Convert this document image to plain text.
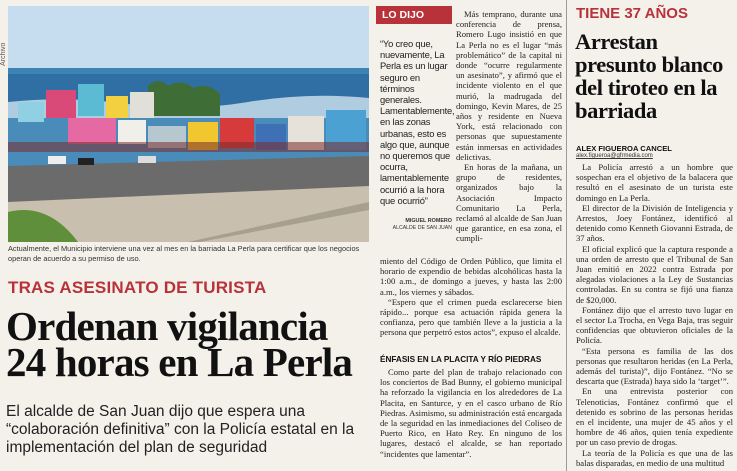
Archivo
Actualmente, el Municipio interviene una vez al mes en la barriada La Perla para certificar que los negocios operan de acuerdo a su permiso de uso.
TRAS ASESINATO DE TURISTA
Ordenan vigilancia
24 horas en La Perla
El alcalde de San Juan dijo que espera una “colaboración definitiva” con la Policía estatal en la implementación del plan de seguridad
LO DIJO
“Yo creo que, nuevamente, La Perla es un lugar seguro en términos generales. Lamentablemente, en las zonas urbanas, esto es algo que, aunque no queremos que ocurra, lamentablemente ocurrió a la hora que ocurrió”
MIGUEL ROMERO
ALCALDE DE SAN JUAN

Más temprano, durante una conferencia de prensa, Romero Lugo insistió en que La Perla no es el lugar “más problemático” de la capital ni donde “ocurre regularmente un asesinato”, y afirmó que el incidente violento en el que murió, la madrugada del domingo, Kevin Mares, de 25 años y residente en Nueva York, está relacionado con personas que supuestamente están inmersas en actividades delictivas.

En horas de la mañana, un grupo de residentes, organizados bajo la Asociación Impacto Comunitario La Perla, reclamó al alcalde de San Juan que garantice, en esa zona, el cumpli-

miento del Código de Orden Público, que limita el horario de expendio de bebidas alcohólicas hasta la 1:00 a.m., de domingo a jueves, y hasta las 2:00 a.m., los viernes y sábados.

“Espero que el crimen pueda esclarecerse bien rápido... porque esa actuación rápida genera la confianza, pero que también lleve a la justicia a la persona que perpetró estos actos”, expuso el alcalde.

ÉNFASIS EN LA PLACITA Y RÍO PIEDRAS

Como parte del plan de trabajo relacionado con los conciertos de Bad Bunny, el gobierno municipal ha reforzado la vigilancia en los alrededores de La Placita, en Santurce, y en el casco urbano de Río Piedras. Asimismo, su administración está encargada de la seguridad en las inmediaciones del Coliseo de Puerto Rico, en Hato Rey. En ninguno de los lugares, destacó el alcalde, se han reportado “incidentes que lamentar”.

TIENE 37 AÑOS
Arrestan presunto blanco del tiroteo en la barriada
ALEX FIGUEROA CANCEL
alex.figueroa@gfrmedia.com

La Policía arrestó a un hombre que sospechan era el objetivo de la balacera que resultó en el asesinato de un turista este domingo en La Perla.

El director de la División de Inteligencia y Arrestos, Joey Fontánez, identificó al detenido como Kenneth Giovanni Estrada, de 37 años.

El oficial explicó que la captura responde a una orden de arresto que el Tribunal de San Juan emitió en 2022 contra Estrada por alegadas violaciones a la Ley de Sustancias controladas. En su contra se fijó una fianza de $20,000.

Fontánez dijo que el arresto tuvo lugar en el sector La Trocha, en Vega Baja, tras seguir confidencias que obtuvieron oficiales de la Policía.

“Esta persona es familia de las dos personas que resultaron heridas (en La Perla, además del turista)”, dijo Fontánez. “No se descarta que (Estrada) haya sido la ‘target’”.

En una entrevista posterior con Telenoticias, Fontánez confirmó que el detenido es sobrino de las personas heridas en el incidente, una mujer de 45 años y el hombre de 46 años, quien tenía expediente por un caso previo de drogas.

La teoría de la Policía es que una de las balas disparadas, en medio de una multitud
